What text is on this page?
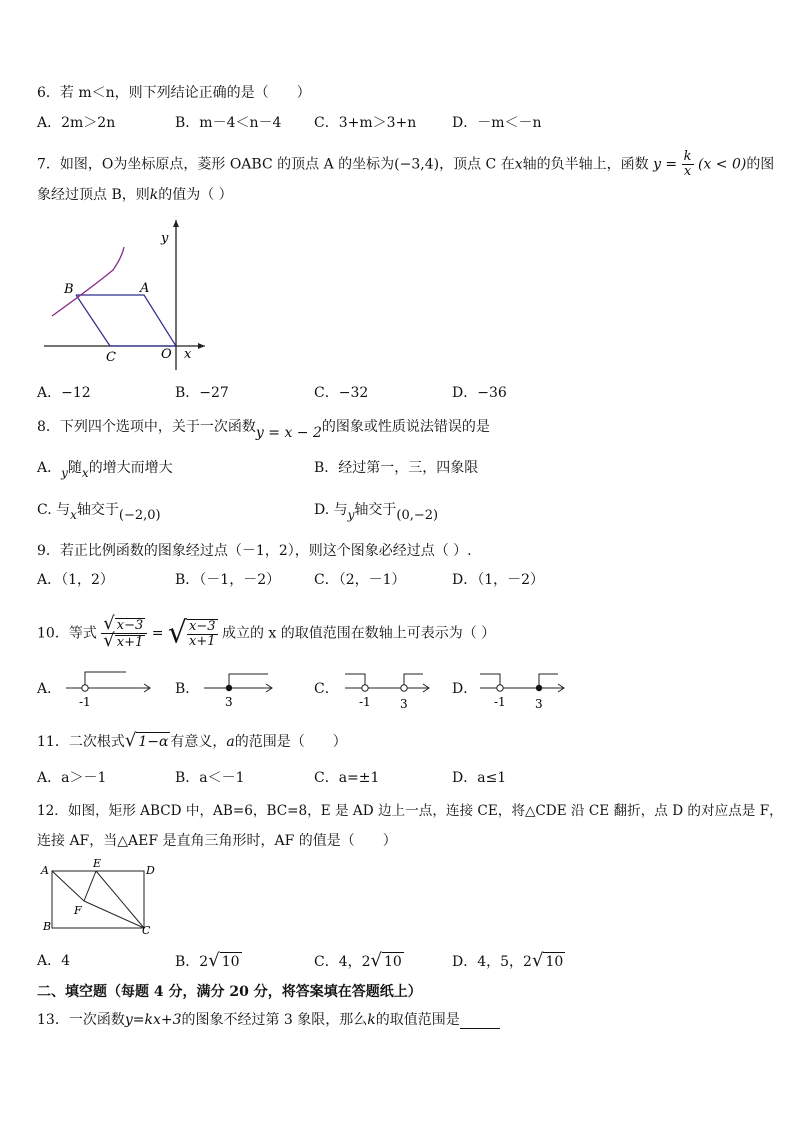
6．若 m＜n，则下列结论正确的是（　　）
A．2m＞2n	B．m－4＜n－4 C．3+m＞3+n	D．－m＜－n
7．如图，O为坐标原点，菱形 OABC 的顶点 A 的坐标为(−3,4)，顶点 C 在x轴的负半轴上，函数 $y = \frac{k}{x} (x < 0)$的图
象经过顶点 B，则k的值为（ ）
y
x
B	A
C	O
A．−12	B．−27	C．−32	D．−36
8．下列四个选项中，关于一次函数y = x − 2的图象或性质说法错误的是
A．y随x的增大而增大	B．经过第一，三，四象限
C. 与x轴交于(−2,0)	D. 与y轴交于(0,−2)
9．若正比例函数的图象经过点（－1，2），则这个图象必经过点（ ）.
A．（1，2）	B．（－1，－2） C．（2，－1）	D．（1，－2）
10．等式 $\frac{√ x-3}{√ x+1}$ = √ $\frac{x-3}{x+1}$ 成立的 x 的取值范围在数轴上可表示为（ ）
A．
-1
B．
3
C．
-1 3
D．
-1 3
11．二次根式√ 1−α 有意义，a的范围是（　　）
A．a＞－1	B．a＜－1	C．a=±1	D．a≤1
12．如图，矩形 ABCD 中，AB=6，BC=8，E 是 AD 边上一点，连接 CE，将△CDE 沿 CE 翻折，点 D 的对应点是 F，
连接 AF，当△AEF 是直角三角形时，AF 的值是（　　）
A
E
D
F
B	C
A．4	B．2√ 10	C．4，2√ 10	D．4，5，2√ 10
二、填空题（每题 4 分，满分 20 分，将答案填在答题纸上）
13．一次函数y=kx+3的图象不经过第 3 象限，那么k的取值范围是
